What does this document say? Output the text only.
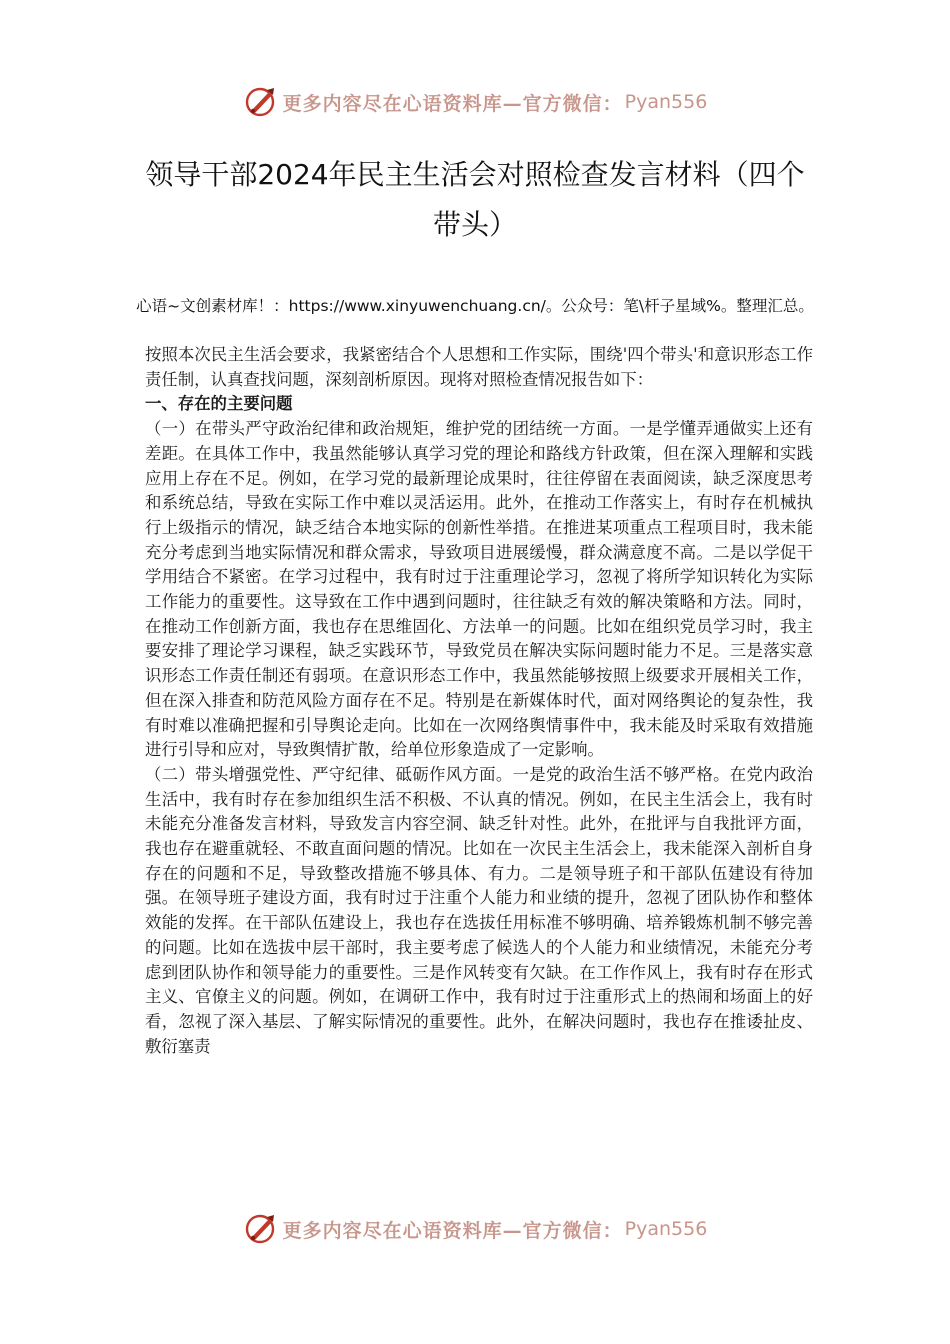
更多内容尽在心语资料库—官方微信： Pyan556
领导干部2024年民主生活会对照检查发言材料（四个带头）
心语~文创素材库！：https://www.xinyuwenchuang.cn/。公众号：笔\杆子星域%。整理汇总。

按照本次民主生活会要求，我紧密结合个人思想和工作实际，围绕'四个带头'和意识形态工作责任制，认真查找问题，深刻剖析原因。现将对照检查情况报告如下：

一、存在的主要问题

（一）在带头严守政治纪律和政治规矩，维护党的团结统一方面。一是学懂弄通做实上还有差距。在具体工作中，我虽然能够认真学习党的理论和路线方针政策，但在深入理解和实践应用上存在不足。例如，在学习党的最新理论成果时，往往停留在表面阅读，缺乏深度思考和系统总结，导致在实际工作中难以灵活运用。此外，在推动工作落实上，有时存在机械执行上级指示的情况，缺乏结合本地实际的创新性举措。在推进某项重点工程项目时，我未能充分考虑到当地实际情况和群众需求，导致项目进展缓慢，群众满意度不高。二是以学促干学用结合不紧密。在学习过程中，我有时过于注重理论学习，忽视了将所学知识转化为实际工作能力的重要性。这导致在工作中遇到问题时，往往缺乏有效的解决策略和方法。同时，在推动工作创新方面，我也存在思维固化、方法单一的问题。比如在组织党员学习时，我主要安排了理论学习课程，缺乏实践环节，导致党员在解决实际问题时能力不足。三是落实意识形态工作责任制还有弱项。在意识形态工作中，我虽然能够按照上级要求开展相关工作，但在深入排查和防范风险方面存在不足。特别是在新媒体时代，面对网络舆论的复杂性，我有时难以准确把握和引导舆论走向。比如在一次网络舆情事件中，我未能及时采取有效措施进行引导和应对，导致舆情扩散，给单位形象造成了一定影响。

（二）带头增强党性、严守纪律、砥砺作风方面。一是党的政治生活不够严格。在党内政治生活中，我有时存在参加组织生活不积极、不认真的情况。例如，在民主生活会上，我有时未能充分准备发言材料，导致发言内容空洞、缺乏针对性。此外，在批评与自我批评方面，我也存在避重就轻、不敢直面问题的情况。比如在一次民主生活会上，我未能深入剖析自身存在的问题和不足，导致整改措施不够具体、有力。二是领导班子和干部队伍建设有待加强。在领导班子建设方面，我有时过于注重个人能力和业绩的提升，忽视了团队协作和整体效能的发挥。在干部队伍建设上，我也存在选拔任用标准不够明确、培养锻炼机制不够完善的问题。比如在选拔中层干部时，我主要考虑了候选人的个人能力和业绩情况，未能充分考虑到团队协作和领导能力的重要性。三是作风转变有欠缺。在工作作风上，我有时存在形式主义、官僚主义的问题。例如，在调研工作中，我有时过于注重形式上的热闹和场面上的好看，忽视了深入基层、了解实际情况的重要性。此外，在解决问题时，我也存在推诿扯皮、敷衍塞责

更多内容尽在心语资料库—官方微信： Pyan556
